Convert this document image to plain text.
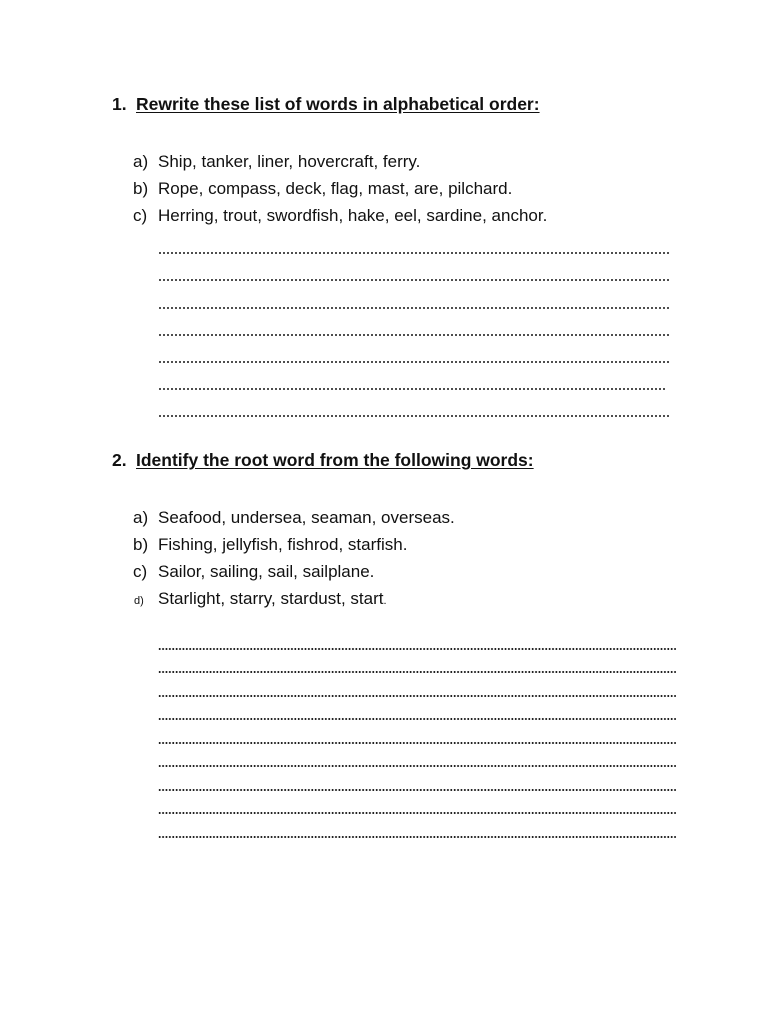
1. Rewrite these list of words in alphabetical order:
a) Ship, tanker, liner, hovercraft, ferry.
b) Rope, compass, deck, flag, mast, are, pilchard.
c) Herring, trout, swordfish, hake, eel, sardine, anchor.
2. Identify the root word from the following words:
a) Seafood, undersea, seaman, overseas.
b) Fishing, jellyfish, fishrod, starfish.
c) Sailor, sailing, sail, sailplane.
d) Starlight, starry, stardust, start.
